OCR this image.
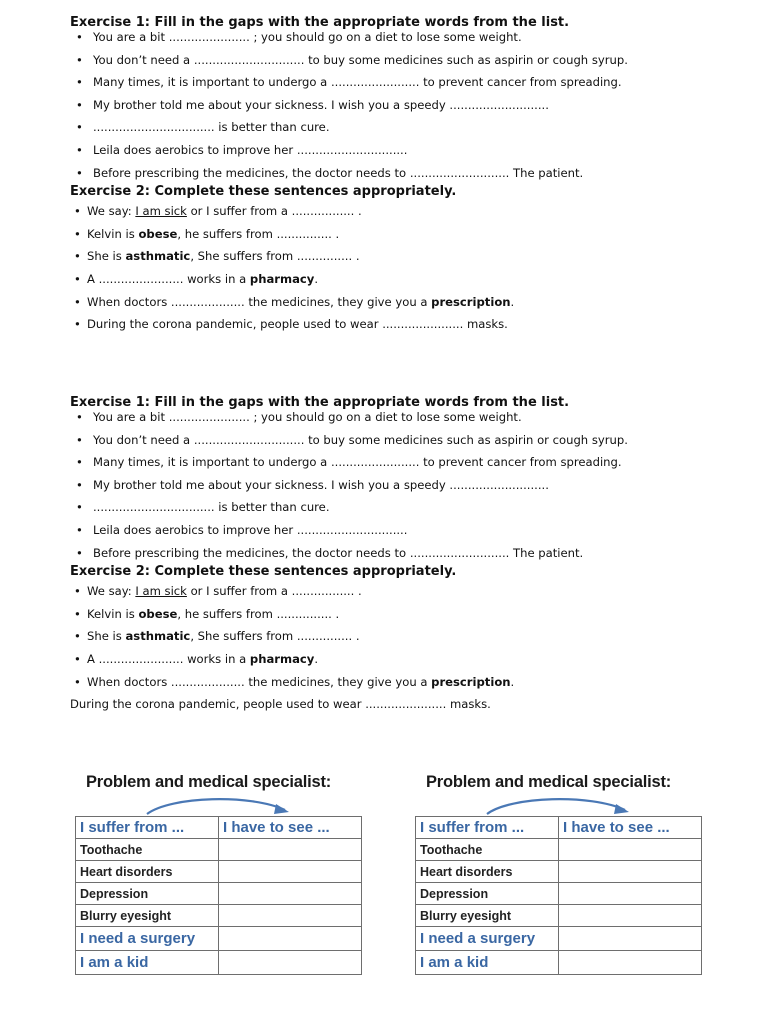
Exercise 1: Fill in the gaps with the appropriate words from the list.

• You are a bit ...................... ; you should go on a diet to lose some weight.
• You don’t need a .............................. to buy some medicines such as aspirin or cough syrup.
• Many times, it is important to undergo a ........................ to prevent cancer from spreading.
• My brother told me about your sickness. I wish you a speedy ...........................
• ................................. is better than cure.
• Leila does aerobics to improve her ..............................
• Before prescribing the medicines, the doctor needs to ........................... The patient.

Exercise 2: Complete these sentences appropriately.

• We say: I am sick or I suffer from a ................. .
• Kelvin is obese, he suffers from ............... .
• She is asthmatic, She suffers from ............... .
• A ....................... works in a pharmacy.
• When doctors .................... the medicines, they give you a prescription.
• During the corona pandemic, people used to wear ...................... masks.

Exercise 1: Fill in the gaps with the appropriate words from the list.

• You are a bit ...................... ; you should go on a diet to lose some weight.
• You don’t need a .............................. to buy some medicines such as aspirin or cough syrup.
• Many times, it is important to undergo a ........................ to prevent cancer from spreading.
• My brother told me about your sickness. I wish you a speedy ...........................
• ................................. is better than cure.
• Leila does aerobics to improve her ..............................
• Before prescribing the medicines, the doctor needs to ........................... The patient.

Exercise 2: Complete these sentences appropriately.

• We say: I am sick or I suffer from a ................. .
• Kelvin is obese, he suffers from ............... .
• She is asthmatic, She suffers from ............... .
• A ....................... works in a pharmacy.
• When doctors .................... the medicines, they give you a prescription.

During the corona pandemic, people used to wear ...................... masks.

Problem and medical specialist:

I suffer from ...	I have to see ...
Toothache	
Heart disorders	
Depression	
Blurry eyesight	
I need a surgery	
I am a kid	

Problem and medical specialist:

I suffer from ...	I have to see ...
Toothache	
Heart disorders	
Depression	
Blurry eyesight	
I need a surgery	
I am a kid	
